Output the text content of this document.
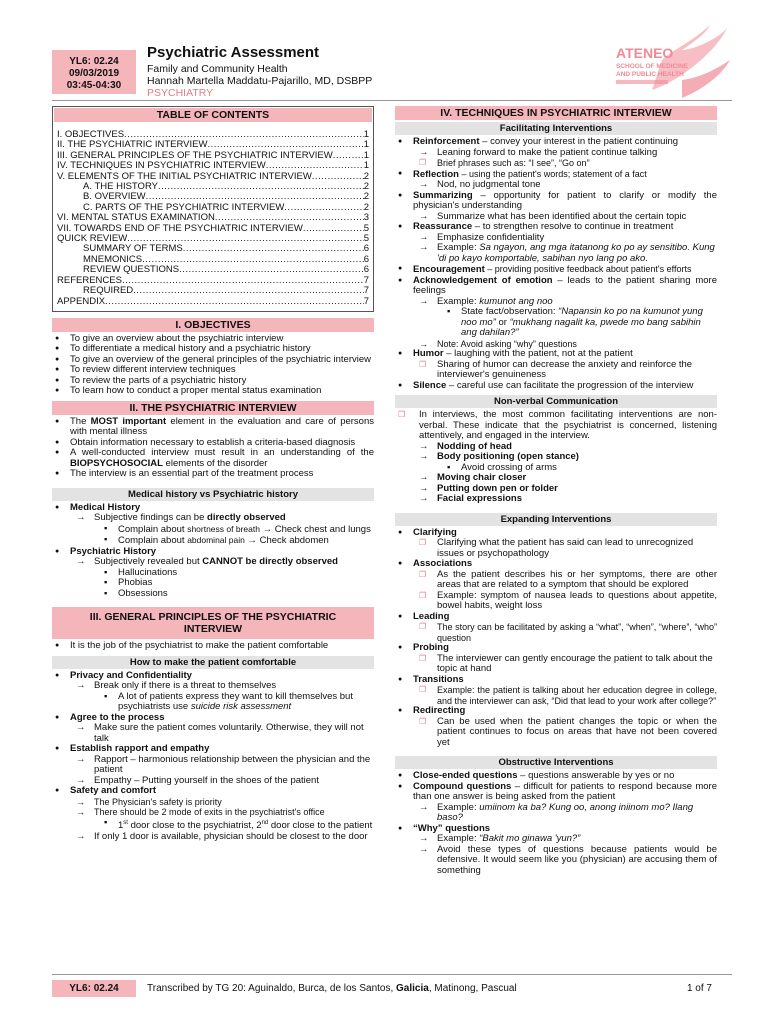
YL6: 02.24
09/03/2019
03:45-04:30
Psychiatric Assessment
Family and Community Health
Hannah Martella Maddatu-Pajarillo, MD, DSBPP
PSYCHIATRY
ATENEO
SCHOOL OF MEDICINE
AND PUBLIC HEALTH
TABLE OF CONTENTS
I. OBJECTIVES .....	1
II. THE PSYCHIATRIC INTERVIEW .....	1
III. GENERAL PRINCIPLES OF THE PSYCHIATRIC INTERVIEW .....	1
IV. TECHNIQUES IN PSYCHIATRIC INTERVIEW .....	1
V. ELEMENTS OF THE INITIAL PSYCHIATRIC INTERVIEW .....	2
A. THE HISTORY .....	2
B. OVERVIEW .....	2
C. PARTS OF THE PSYCHIATRIC INTERVIEW .....	2
VI. MENTAL STATUS EXAMINATION .....	3
VII. TOWARDS END OF THE PSYCHIATRIC INTERVIEW .....	5
QUICK REVIEW .....	5
SUMMARY OF TERMS .....	6
MNEMONICS .....	6
REVIEW QUESTIONS .....	6
REFERENCES .....	7
REQUIRED .....	7
APPENDIX .....	7
I. OBJECTIVES
● To give an overview about the psychiatric interview
● To differentiate a medical history and a psychiatric history
● To give an overview of the general principles of the psychiatric interview
● To review different interview techniques
● To review the parts of a psychiatric history
● To learn how to conduct a proper mental status examination
II. THE PSYCHIATRIC INTERVIEW
● The MOST important element in the evaluation and care of persons with mental illness
● Obtain information necessary to establish a criteria-based diagnosis
● A well-conducted interview must result in an understanding of the BIOPSYCHOSOCIAL elements of the disorder
● The interview is an essential part of the treatment process
Medical history vs Psychiatric history
● Medical History
→ Subjective findings can be directly observed
▪ Complain about shortness of breath → Check chest and lungs
▪ Complain about abdominal pain → Check abdomen
● Psychiatric History
→ Subjectively revealed but CANNOT be directly observed
▪ Hallucinations
▪ Phobias
▪ Obsessions
III. GENERAL PRINCIPLES OF THE PSYCHIATRIC INTERVIEW
● It is the job of the psychiatrist to make the patient comfortable
How to make the patient comfortable
● Privacy and Confidentiality
→ Break only if there is a threat to themselves
▪ A lot of patients express they want to kill themselves but psychiatrists use suicide risk assessment
● Agree to the process
→ Make sure the patient comes voluntarily. Otherwise, they will not talk
● Establish rapport and empathy
→ Rapport – harmonious relationship between the physician and the patient
→ Empathy – Putting yourself in the shoes of the patient
● Safety and comfort
→ The Physician's safety is priority
→ There should be 2 mode of exits in the psychiatrist's office
▪ 1st door close to the psychiatrist, 2nd door close to the patient
→ If only 1 door is available, physician should be closest to the door
IV. TECHNIQUES IN PSYCHIATRIC INTERVIEW
Facilitating Interventions
● Reinforcement – convey your interest in the patient continuing
→ Leaning forward to make the patient continue talking
❐ Brief phrases such as: “I see”, “Go on”
● Reflection – using the patient's words; statement of a fact
→ Nod, no judgmental tone
● Summarizing – opportunity for patient to clarify or modify the physician's understanding
→ Summarize what has been identified about the certain topic
● Reassurance – to strengthen resolve to continue in treatment
→ Emphasize confidentiality
→ Example: Sa ngayon, ang mga itatanong ko po ay sensitibo. Kung 'di po kayo komportable, sabihan nyo lang po ako.
● Encouragement – providing positive feedback about patient's efforts
● Acknowledgement of emotion – leads to the patient sharing more feelings
→ Example: kumunot ang noo
▪ State fact/observation: “Napansin ko po na kumunot yung noo mo” or “mukhang nagalit ka, pwede mo bang sabihin ang dahilan?”
→ Note: Avoid asking “why” questions
● Humor – laughing with the patient, not at the patient
❐ Sharing of humor can decrease the anxiety and reinforce the interviewer's genuineness
● Silence – careful use can facilitate the progression of the interview
Non-verbal Communication
❐ In interviews, the most common facilitating interventions are non-verbal. These indicate that the psychiatrist is concerned, listening attentively, and engaged in the interview.
→ Nodding of head
→ Body positioning (open stance)
▪ Avoid crossing of arms
→ Moving chair closer
→ Putting down pen or folder
→ Facial expressions
Expanding Interventions
● Clarifying
❐ Clarifying what the patient has said can lead to unrecognized issues or psychopathology
● Associations
❐ As the patient describes his or her symptoms, there are other areas that are related to a symptom that should be explored
❐ Example: symptom of nausea leads to questions about appetite, bowel habits, weight loss
● Leading
❐ The story can be facilitated by asking a “what”, “when”, “where”, “who” question
● Probing
❐ The interviewer can gently encourage the patient to talk about the topic at hand
● Transitions
❐ Example: the patient is talking about her education degree in college, and the interviewer can ask, “Did that lead to your work after college?”
● Redirecting
❐ Can be used when the patient changes the topic or when the patient continues to focus on areas that have not been covered yet
Obstructive Interventions
● Close-ended questions – questions answerable by yes or no
● Compound questions – difficult for patients to respond because more than one answer is being asked from the patient
→ Example: umiinom ka ba? Kung oo, anong iniinom mo? Ilang baso?
● “Why” questions
→ Example: “Bakit mo ginawa 'yun?”
→ Avoid these types of questions because patients would be defensive. It would seem like you (physician) are accusing them of something
YL6: 02.24	Transcribed by TG 20: Aguinaldo, Burca, de los Santos, Galicia, Matinong, Pascual	1 of 7
